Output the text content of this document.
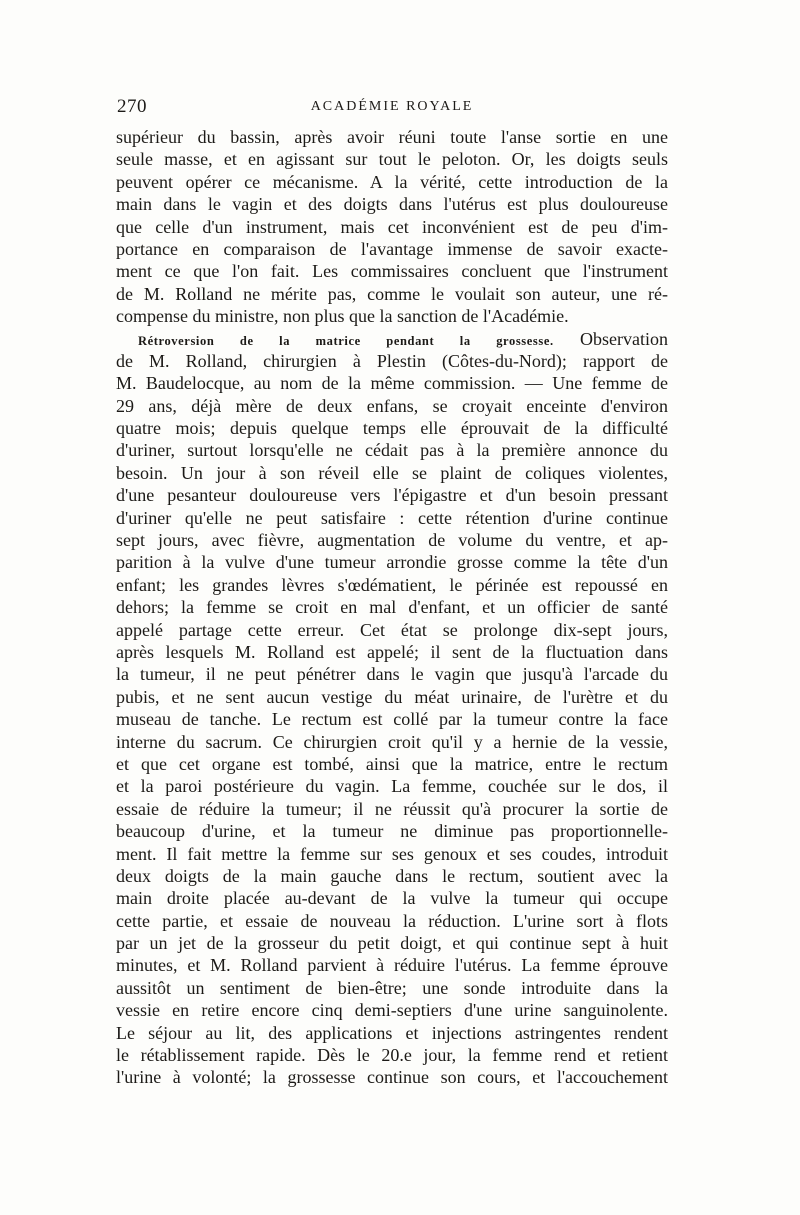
270	ACADÉMIE ROYALE
supérieur du bassin, après avoir réuni toute l'anse sortie en une
seule masse, et en agissant sur tout le peloton. Or, les doigts seuls
peuvent opérer ce mécanisme. A la vérité, cette introduction de la
main dans le vagin et des doigts dans l'utérus est plus douloureuse
que celle d'un instrument, mais cet inconvénient est de peu d'im-
portance en comparaison de l'avantage immense de savoir exacte-
ment ce que l'on fait. Les commissaires concluent que l'instrument
de M. Rolland ne mérite pas, comme le voulait son auteur, une ré-
compense du ministre, non plus que la sanction de l'Académie.
Rétroversion de la matrice pendant la grossesse. Observation
de M. Rolland, chirurgien à Plestin (Côtes-du-Nord); rapport de
M. Baudelocque, au nom de la même commission. — Une femme de
29 ans, déjà mère de deux enfans, se croyait enceinte d'environ
quatre mois; depuis quelque temps elle éprouvait de la difficulté
d'uriner, surtout lorsqu'elle ne cédait pas à la première annonce du
besoin. Un jour à son réveil elle se plaint de coliques violentes,
d'une pesanteur douloureuse vers l'épigastre et d'un besoin pressant
d'uriner qu'elle ne peut satisfaire : cette rétention d'urine continue
sept jours, avec fièvre, augmentation de volume du ventre, et ap-
parition à la vulve d'une tumeur arrondie grosse comme la tête d'un
enfant; les grandes lèvres s'œdématient, le périnée est repoussé en
dehors; la femme se croit en mal d'enfant, et un officier de santé
appelé partage cette erreur. Cet état se prolonge dix-sept jours,
après lesquels M. Rolland est appelé; il sent de la fluctuation dans
la tumeur, il ne peut pénétrer dans le vagin que jusqu'à l'arcade du
pubis, et ne sent aucun vestige du méat urinaire, de l'urètre et du
museau de tanche. Le rectum est collé par la tumeur contre la face
interne du sacrum. Ce chirurgien croit qu'il y a hernie de la vessie,
et que cet organe est tombé, ainsi que la matrice, entre le rectum
et la paroi postérieure du vagin. La femme, couchée sur le dos, il
essaie de réduire la tumeur; il ne réussit qu'à procurer la sortie de
beaucoup d'urine, et la tumeur ne diminue pas proportionnelle-
ment. Il fait mettre la femme sur ses genoux et ses coudes, introduit
deux doigts de la main gauche dans le rectum, soutient avec la
main droite placée au-devant de la vulve la tumeur qui occupe
cette partie, et essaie de nouveau la réduction. L'urine sort à flots
par un jet de la grosseur du petit doigt, et qui continue sept à huit
minutes, et M. Rolland parvient à réduire l'utérus. La femme éprouve
aussitôt un sentiment de bien-être; une sonde introduite dans la
vessie en retire encore cinq demi-septiers d'une urine sanguinolente.
Le séjour au lit, des applications et injections astringentes rendent
le rétablissement rapide. Dès le 20.e jour, la femme rend et retient
l'urine à volonté; la grossesse continue son cours, et l'accouchement
